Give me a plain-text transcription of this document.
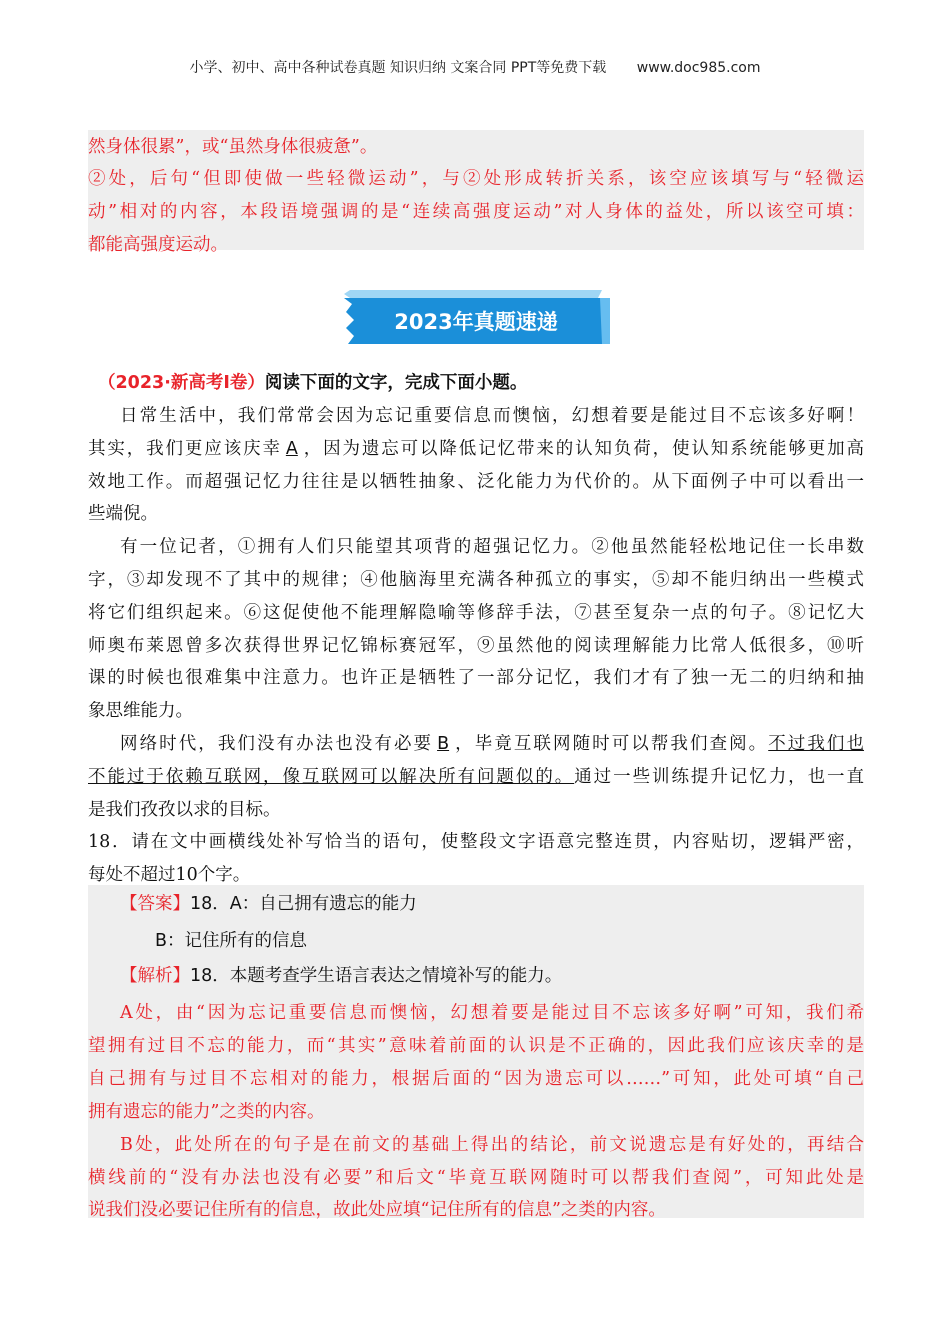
小学、初中、高中各种试卷真题 知识归纳 文案合同 PPT等免费下载 www.doc985.com
然身体很累”，或“虽然身体很疲惫”。
②处，后句“但即使做一些轻微运动”，与②处形成转折关系，该空应该填写与“轻微运
动”相对的内容，本段语境强调的是“连续高强度运动”对人身体的益处，所以该空可填：
都能高强度运动。
2023年真题速递
（2023·新高考Ⅰ卷）阅读下面的文字，完成下面小题。
日常生活中，我们常常会因为忘记重要信息而懊恼，幻想着要是能过目不忘该多好啊！
其实，我们更应该庆幸 A ，因为遗忘可以降低记忆带来的认知负荷，使认知系统能够更加高
效地工作。而超强记忆力往往是以牺牲抽象、泛化能力为代价的。从下面例子中可以看出一
些端倪。
有一位记者，①拥有人们只能望其项背的超强记忆力。②他虽然能轻松地记住一长串数
字，③却发现不了其中的规律；④他脑海里充满各种孤立的事实，⑤却不能归纳出一些模式
将它们组织起来。⑥这促使他不能理解隐喻等修辞手法，⑦甚至复杂一点的句子。⑧记忆大
师奥布莱恩曾多次获得世界记忆锦标赛冠军，⑨虽然他的阅读理解能力比常人低很多，⑩听
课的时候也很难集中注意力。也许正是牺牲了一部分记忆，我们才有了独一无二的归纳和抽
象思维能力。
网络时代，我们没有办法也没有必要 B ，毕竟互联网随时可以帮我们查阅。不过我们也
不能过于依赖互联网，像互联网可以解决所有问题似的。通过一些训练提升记忆力，也一直
是我们孜孜以求的目标。
18．请在文中画横线处补写恰当的语句，使整段文字语意完整连贯，内容贴切，逻辑严密，
每处不超过10个字。
【答案】18．A：自己拥有遗忘的能力
B：记住所有的信息
【解析】18．本题考查学生语言表达之情境补写的能力。
A处，由“因为忘记重要信息而懊恼，幻想着要是能过目不忘该多好啊”可知，我们希
望拥有过目不忘的能力，而“其实”意味着前面的认识是不正确的，因此我们应该庆幸的是
自己拥有与过目不忘相对的能力，根据后面的“因为遗忘可以……”可知，此处可填“自己
拥有遗忘的能力”之类的内容。
B处，此处所在的句子是在前文的基础上得出的结论，前文说遗忘是有好处的，再结合
横线前的“没有办法也没有必要”和后文“毕竟互联网随时可以帮我们查阅”，可知此处是
说我们没必要记住所有的信息，故此处应填“记住所有的信息”之类的内容。
